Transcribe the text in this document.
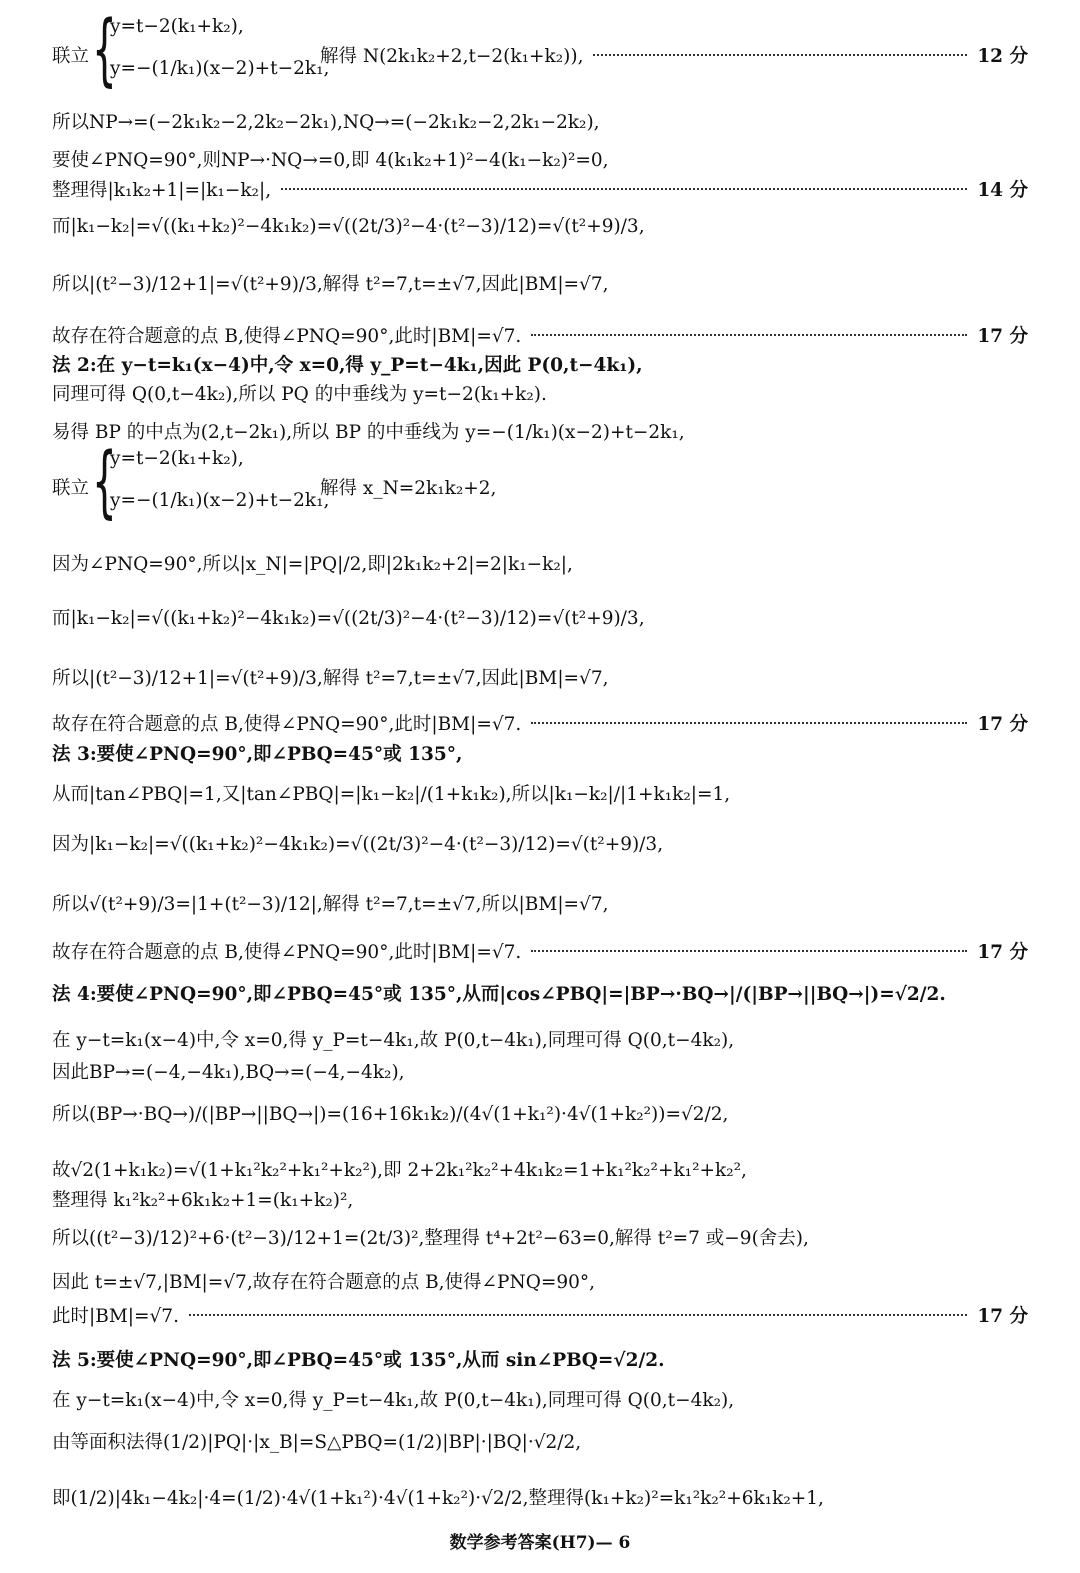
联立 {
y=t−2(k₁+k₂),
y=−(1/k₁)(x−2)+t−2k₁,
解得 N(2k₁k₂+2,t−2(k₁+k₂)),	12 分
所以NP→=(−2k₁k₂−2,2k₂−2k₁),NQ→=(−2k₁k₂−2,2k₁−2k₂),
要使∠PNQ=90°,则NP→·NQ→=0,即 4(k₁k₂+1)²−4(k₁−k₂)²=0,
整理得|k₁k₂+1|=|k₁−k₂|,	14 分
而|k₁−k₂|=√((k₁+k₂)²−4k₁k₂)=√((2t/3)²−4·(t²−3)/12)=√(t²+9)/3,
所以|(t²−3)/12+1|=√(t²+9)/3,解得 t²=7,t=±√7,因此|BM|=√7,
故存在符合题意的点 B,使得∠PNQ=90°,此时|BM|=√7.	17 分
法 2:在 y−t=k₁(x−4)中,令 x=0,得 y_P=t−4k₁,因此 P(0,t−4k₁),
同理可得 Q(0,t−4k₂),所以 PQ 的中垂线为 y=t−2(k₁+k₂).
易得 BP 的中点为(2,t−2k₁),所以 BP 的中垂线为 y=−(1/k₁)(x−2)+t−2k₁,
联立 {
y=t−2(k₁+k₂),
y=−(1/k₁)(x−2)+t−2k₁,
解得 x_N=2k₁k₂+2,
因为∠PNQ=90°,所以|x_N|=|PQ|/2,即|2k₁k₂+2|=2|k₁−k₂|,
而|k₁−k₂|=√((k₁+k₂)²−4k₁k₂)=√((2t/3)²−4·(t²−3)/12)=√(t²+9)/3,
所以|(t²−3)/12+1|=√(t²+9)/3,解得 t²=7,t=±√7,因此|BM|=√7,
故存在符合题意的点 B,使得∠PNQ=90°,此时|BM|=√7.	17 分
法 3:要使∠PNQ=90°,即∠PBQ=45°或 135°,
从而|tan∠PBQ|=1,又|tan∠PBQ|=|k₁−k₂|/(1+k₁k₂),所以|k₁−k₂|/|1+k₁k₂|=1,
因为|k₁−k₂|=√((k₁+k₂)²−4k₁k₂)=√((2t/3)²−4·(t²−3)/12)=√(t²+9)/3,
所以√(t²+9)/3=|1+(t²−3)/12|,解得 t²=7,t=±√7,所以|BM|=√7,
故存在符合题意的点 B,使得∠PNQ=90°,此时|BM|=√7.	17 分
法 4:要使∠PNQ=90°,即∠PBQ=45°或 135°,从而|cos∠PBQ|=|BP→·BQ→|/(|BP→||BQ→|)=√2/2.
在 y−t=k₁(x−4)中,令 x=0,得 y_P=t−4k₁,故 P(0,t−4k₁),同理可得 Q(0,t−4k₂),
因此BP→=(−4,−4k₁),BQ→=(−4,−4k₂),
所以(BP→·BQ→)/(|BP→||BQ→|)=(16+16k₁k₂)/(4√(1+k₁²)·4√(1+k₂²))=√2/2,
故√2(1+k₁k₂)=√(1+k₁²k₂²+k₁²+k₂²),即 2+2k₁²k₂²+4k₁k₂=1+k₁²k₂²+k₁²+k₂²,
整理得 k₁²k₂²+6k₁k₂+1=(k₁+k₂)²,
所以((t²−3)/12)²+6·(t²−3)/12+1=(2t/3)²,整理得 t⁴+2t²−63=0,解得 t²=7 或−9(舍去),
因此 t=±√7,|BM|=√7,故存在符合题意的点 B,使得∠PNQ=90°,
此时|BM|=√7.	17 分
法 5:要使∠PNQ=90°,即∠PBQ=45°或 135°,从而 sin∠PBQ=√2/2.
在 y−t=k₁(x−4)中,令 x=0,得 y_P=t−4k₁,故 P(0,t−4k₁),同理可得 Q(0,t−4k₂),
由等面积法得(1/2)|PQ|·|x_B|=S△PBQ=(1/2)|BP|·|BQ|·√2/2,
即(1/2)|4k₁−4k₂|·4=(1/2)·4√(1+k₁²)·4√(1+k₂²)·√2/2,整理得(k₁+k₂)²=k₁²k₂²+6k₁k₂+1,
数学参考答案(H7)— 6
